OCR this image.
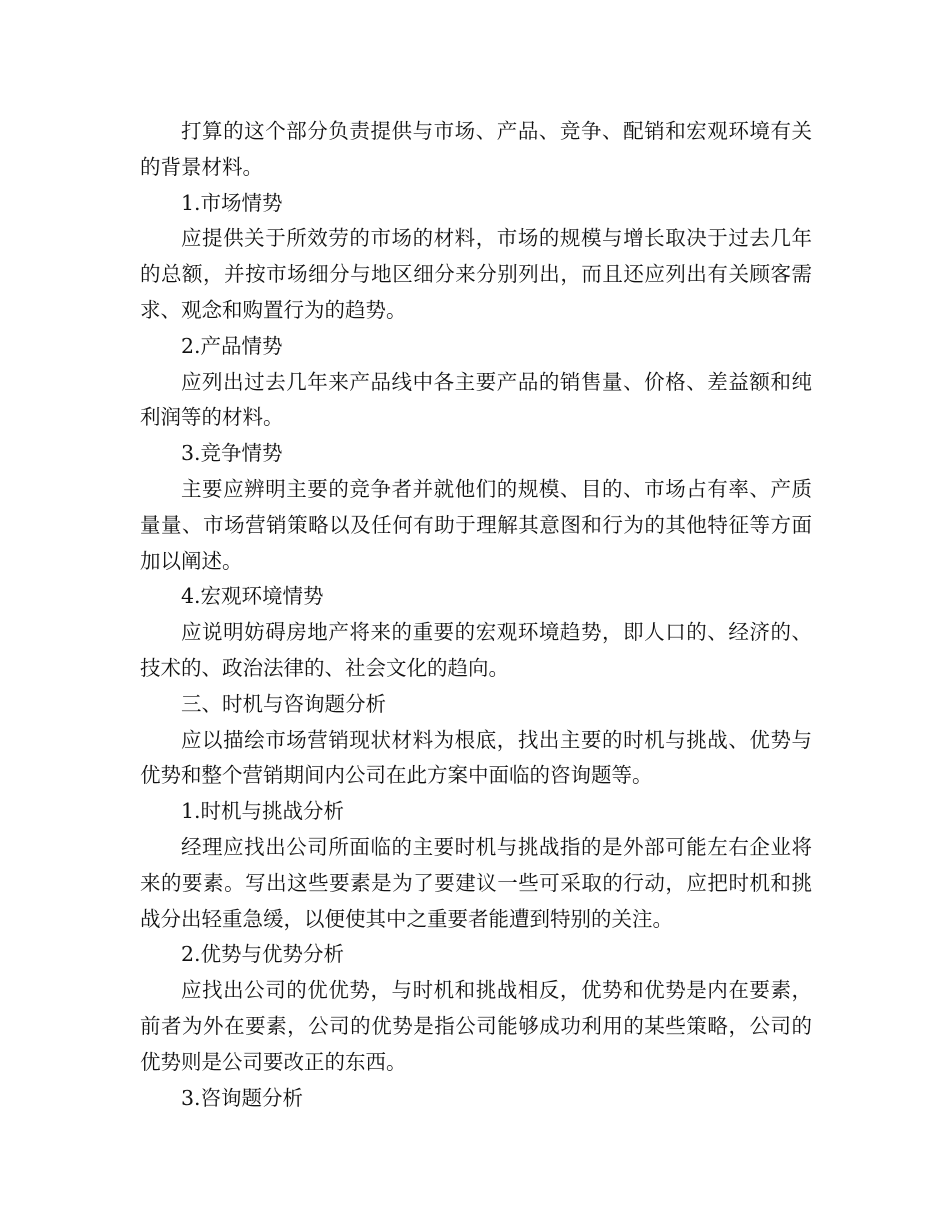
打算的这个部分负责提供与市场、产品、竞争、配销和宏观环境有关的背景材料。

1.市场情势

应提供关于所效劳的市场的材料，市场的规模与增长取决于过去几年的总额，并按市场细分与地区细分来分别列出，而且还应列出有关顾客需求、观念和购置行为的趋势。

2.产品情势

应列出过去几年来产品线中各主要产品的销售量、价格、差益额和纯利润等的材料。

3.竞争情势

主要应辨明主要的竞争者并就他们的规模、目的、市场占有率、产质量量、市场营销策略以及任何有助于理解其意图和行为的其他特征等方面加以阐述。

4.宏观环境情势

应说明妨碍房地产将来的重要的宏观环境趋势，即人口的、经济的、技术的、政治法律的、社会文化的趋向。

三、时机与咨询题分析

应以描绘市场营销现状材料为根底，找出主要的时机与挑战、优势与优势和整个营销期间内公司在此方案中面临的咨询题等。

1.时机与挑战分析

经理应找出公司所面临的主要时机与挑战指的是外部可能左右企业将来的要素。写出这些要素是为了要建议一些可采取的行动，应把时机和挑战分出轻重急缓，以便使其中之重要者能遭到特别的关注。

2.优势与优势分析

应找出公司的优优势，与时机和挑战相反，优势和优势是内在要素，前者为外在要素，公司的优势是指公司能够成功利用的某些策略，公司的优势则是公司要改正的东西。

3.咨询题分析
